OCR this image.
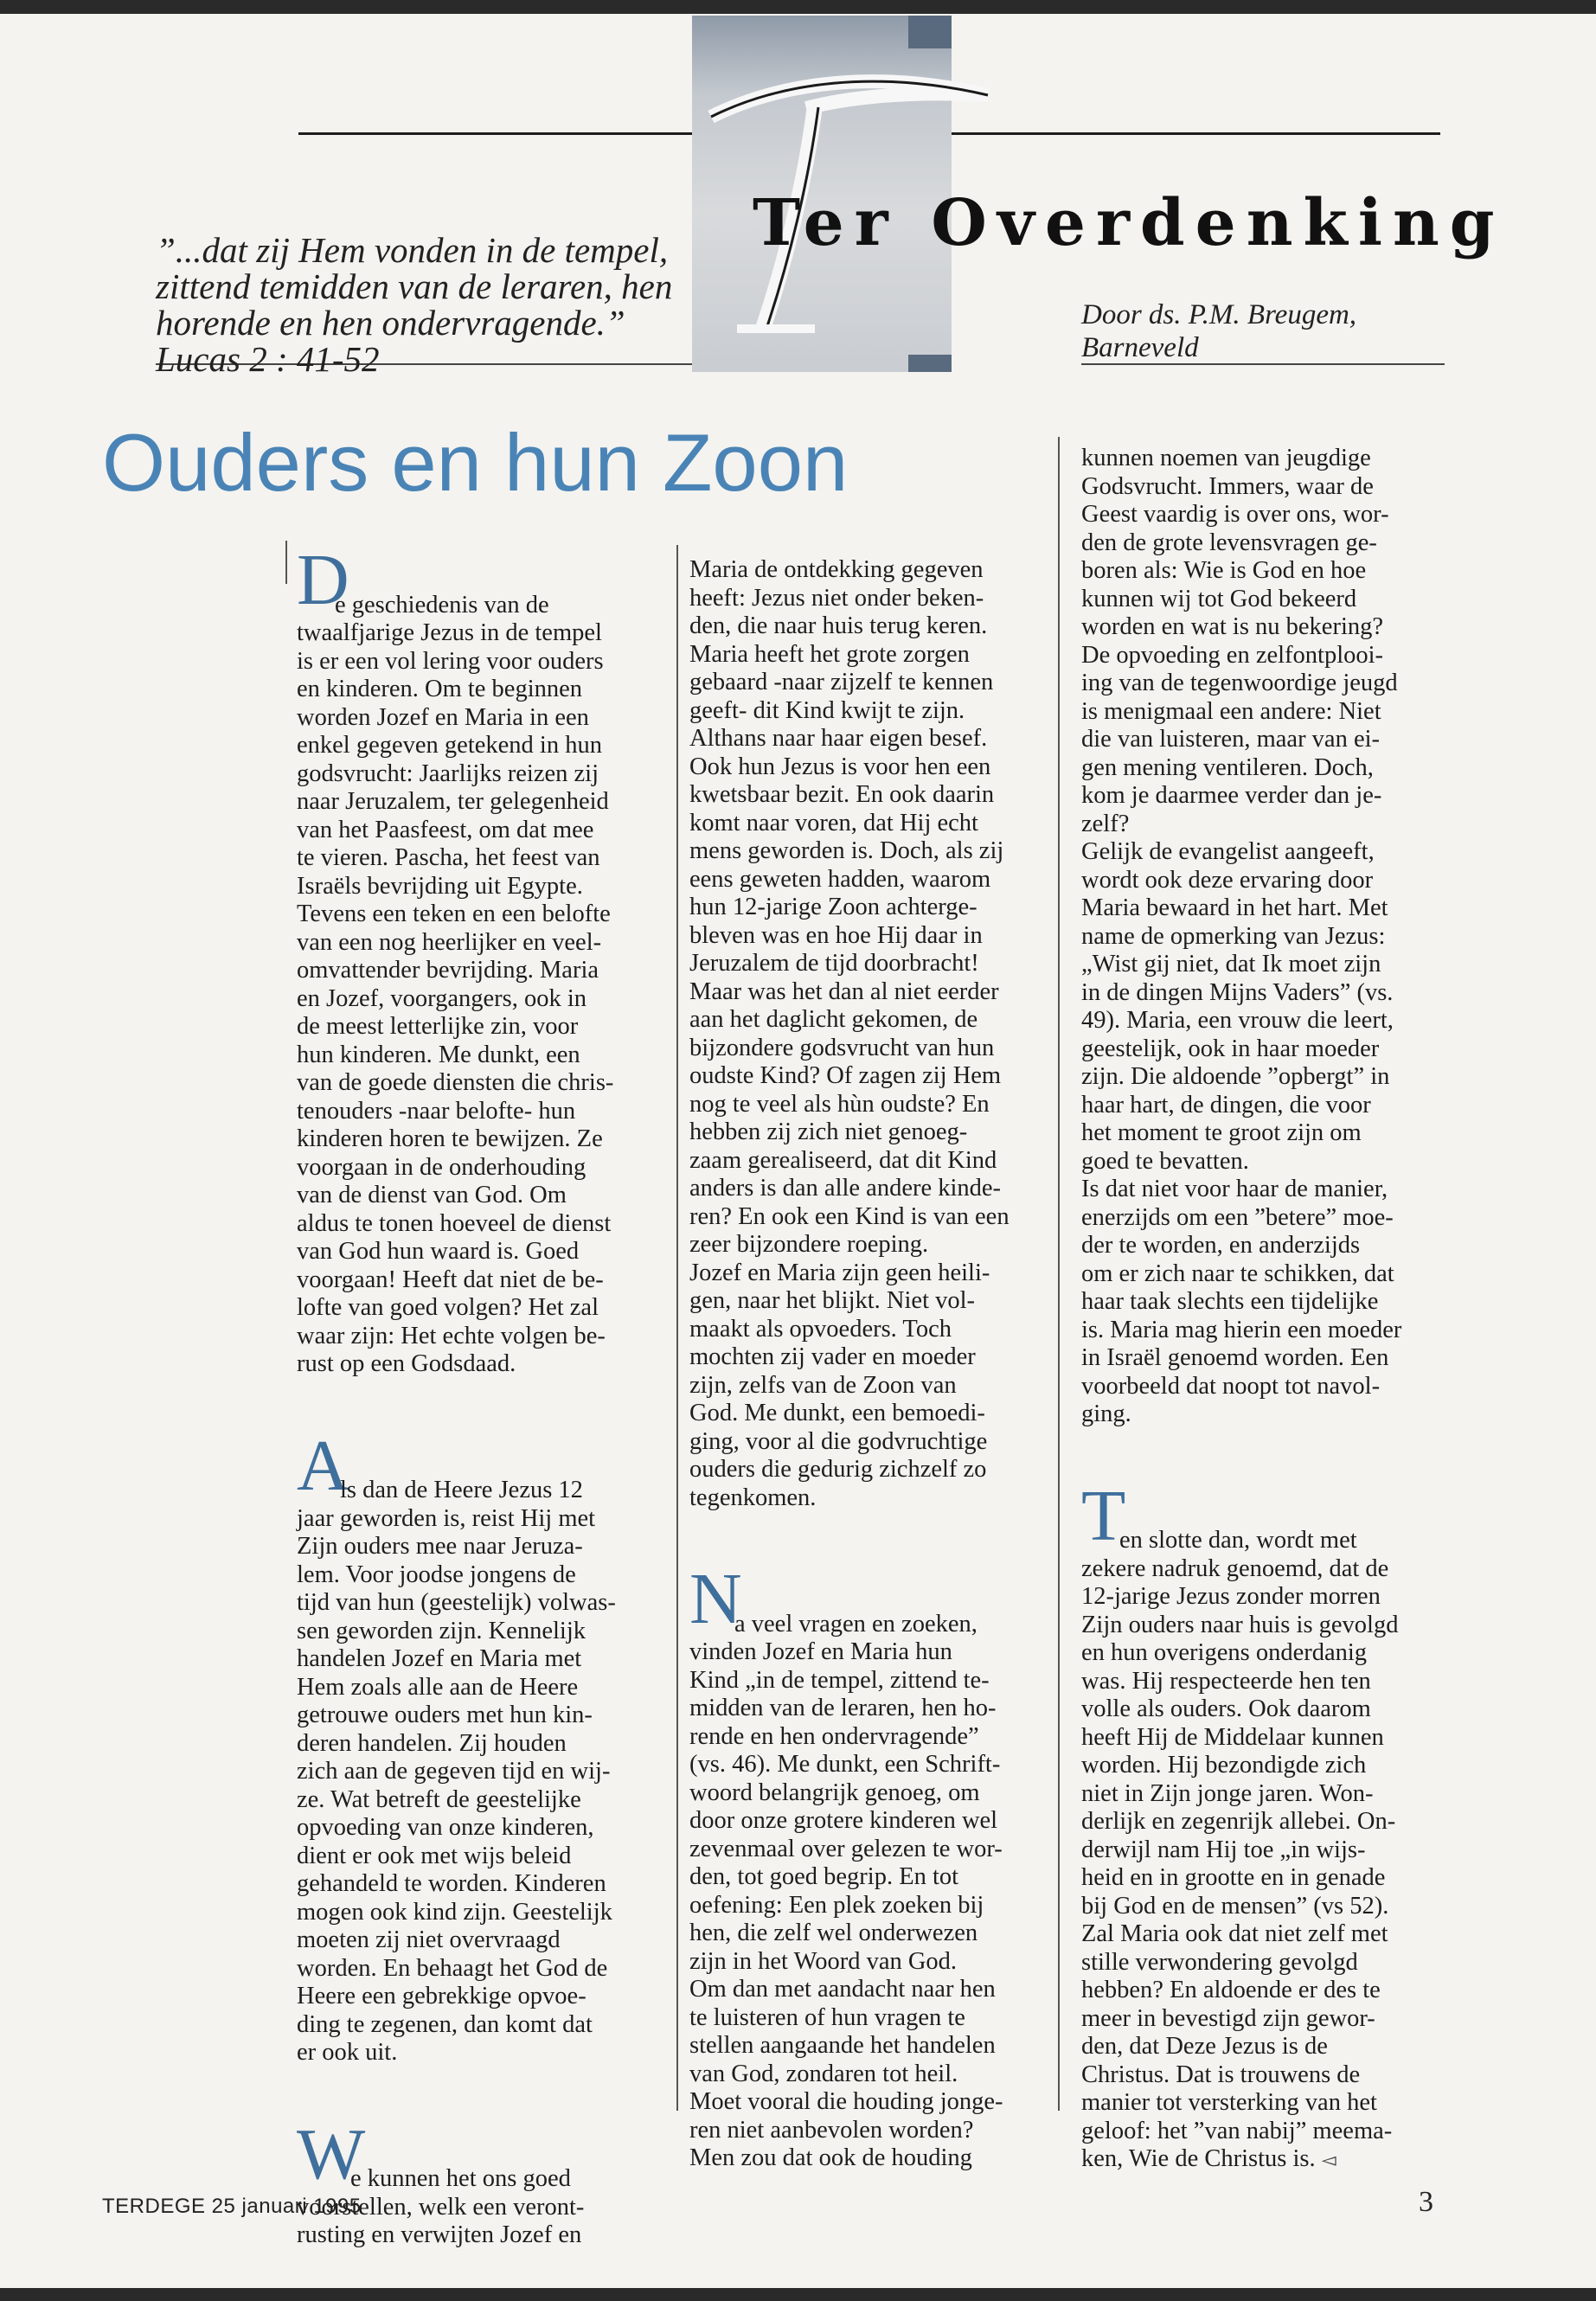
Ter Overdenking
”...dat zij Hem vonden in de tempel,
zittend temidden van de leraren, hen
horende en hen ondervragende.”
Lucas 2 : 41-52
Door ds. P.M. Breugem,
Barneveld
Ouders en hun Zoon
D
e geschiedenis van de
twaalfjarige Jezus in de tempel
is er een vol lering voor ouders
en kinderen. Om te beginnen
worden Jozef en Maria in een
enkel gegeven getekend in hun
godsvrucht: Jaarlijks reizen zij
naar Jeruzalem, ter gelegenheid
van het Paasfeest, om dat mee
te vieren. Pascha, het feest van
Israëls bevrijding uit Egypte.
Tevens een teken en een belofte
van een nog heerlijker en veel-
omvattender bevrijding. Maria
en Jozef, voorgangers, ook in
de meest letterlijke zin, voor
hun kinderen. Me dunkt, een
van de goede diensten die chris-
tenouders -naar belofte- hun
kinderen horen te bewijzen. Ze
voorgaan in de onderhouding
van de dienst van God. Om
aldus te tonen hoeveel de dienst
van God hun waard is. Goed
voorgaan! Heeft dat niet de be-
lofte van goed volgen? Het zal
waar zijn: Het echte volgen be-
rust op een Godsdaad.
A
ls dan de Heere Jezus 12
jaar geworden is, reist Hij met
Zijn ouders mee naar Jeruza-
lem. Voor joodse jongens de
tijd van hun (geestelijk) volwas-
sen geworden zijn. Kennelijk
handelen Jozef en Maria met
Hem zoals alle aan de Heere
getrouwe ouders met hun kin-
deren handelen. Zij houden
zich aan de gegeven tijd en wij-
ze. Wat betreft de geestelijke
opvoeding van onze kinderen,
dient er ook met wijs beleid
gehandeld te worden. Kinderen
mogen ook kind zijn. Geestelijk
moeten zij niet overvraagd
worden. En behaagt het God de
Heere een gebrekkige opvoe-
ding te zegenen, dan komt dat
er ook uit.
W
e kunnen het ons goed
voorstellen, welk een veront-
rusting en verwijten Jozef en
Maria de ontdekking gegeven
heeft: Jezus niet onder beken-
den, die naar huis terug keren.
Maria heeft het grote zorgen
gebaard -naar zijzelf te kennen
geeft- dit Kind kwijt te zijn.
Althans naar haar eigen besef.
Ook hun Jezus is voor hen een
kwetsbaar bezit. En ook daarin
komt naar voren, dat Hij echt
mens geworden is. Doch, als zij
eens geweten hadden, waarom
hun 12-jarige Zoon achterge-
bleven was en hoe Hij daar in
Jeruzalem de tijd doorbracht!
Maar was het dan al niet eerder
aan het daglicht gekomen, de
bijzondere godsvrucht van hun
oudste Kind? Of zagen zij Hem
nog te veel als hùn oudste? En
hebben zij zich niet genoeg-
zaam gerealiseerd, dat dit Kind
anders is dan alle andere kinde-
ren? En ook een Kind is van een
zeer bijzondere roeping.
Jozef en Maria zijn geen heili-
gen, naar het blijkt. Niet vol-
maakt als opvoeders. Toch
mochten zij vader en moeder
zijn, zelfs van de Zoon van
God. Me dunkt, een bemoedi-
ging, voor al die godvruchtige
ouders die gedurig zichzelf zo
tegenkomen.
N
a veel vragen en zoeken,
vinden Jozef en Maria hun
Kind „in de tempel, zittend te-
midden van de leraren, hen ho-
rende en hen ondervragende”
(vs. 46). Me dunkt, een Schrift-
woord belangrijk genoeg, om
door onze grotere kinderen wel
zevenmaal over gelezen te wor-
den, tot goed begrip. En tot
oefening: Een plek zoeken bij
hen, die zelf wel onderwezen
zijn in het Woord van God.
Om dan met aandacht naar hen
te luisteren of hun vragen te
stellen aangaande het handelen
van God, zondaren tot heil.
Moet vooral die houding jonge-
ren niet aanbevolen worden?
Men zou dat ook de houding
kunnen noemen van jeugdige
Godsvrucht. Immers, waar de
Geest vaardig is over ons, wor-
den de grote levensvragen ge-
boren als: Wie is God en hoe
kunnen wij tot God bekeerd
worden en wat is nu bekering?
De opvoeding en zelfontplooi-
ing van de tegenwoordige jeugd
is menigmaal een andere: Niet
die van luisteren, maar van ei-
gen mening ventileren. Doch,
kom je daarmee verder dan je-
zelf?
Gelijk de evangelist aangeeft,
wordt ook deze ervaring door
Maria bewaard in het hart. Met
name de opmerking van Jezus:
„Wist gij niet, dat Ik moet zijn
in de dingen Mijns Vaders” (vs.
49). Maria, een vrouw die leert,
geestelijk, ook in haar moeder
zijn. Die aldoende ”opbergt” in
haar hart, de dingen, die voor
het moment te groot zijn om
goed te bevatten.
Is dat niet voor haar de manier,
enerzijds om een ”betere” moe-
der te worden, en anderzijds
om er zich naar te schikken, dat
haar taak slechts een tijdelijke
is. Maria mag hierin een moeder
in Israël genoemd worden. Een
voorbeeld dat noopt tot navol-
ging.
T
en slotte dan, wordt met
zekere nadruk genoemd, dat de
12-jarige Jezus zonder morren
Zijn ouders naar huis is gevolgd
en hun overigens onderdanig
was. Hij respecteerde hen ten
volle als ouders. Ook daarom
heeft Hij de Middelaar kunnen
worden. Hij bezondigde zich
niet in Zijn jonge jaren. Won-
derlijk en zegenrijk allebei. On-
derwijl nam Hij toe „in wijs-
heid en in grootte en in genade
bij God en de mensen” (vs 52).
Zal Maria ook dat niet zelf met
stille verwondering gevolgd
hebben? En aldoende er des te
meer in bevestigd zijn gewor-
den, dat Deze Jezus is de
Christus. Dat is trouwens de
manier tot versterking van het
geloof: het ”van nabij” meema-
ken, Wie de Christus is. ◅
TERDEGE 25 januari 1995	3
